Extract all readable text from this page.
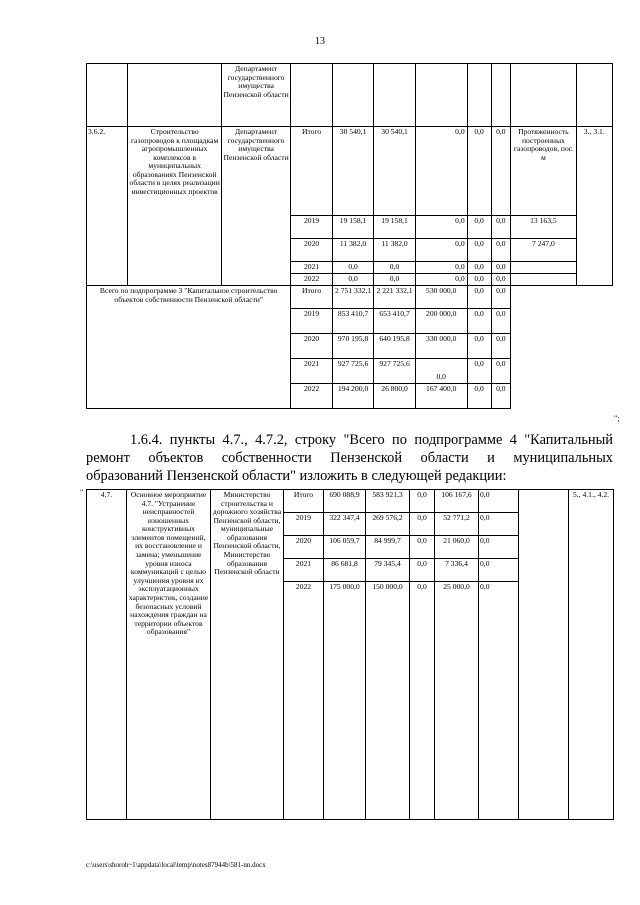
13
		Департамент государственного имущества Пензенской области								
3.6.2.	Строительство газопроводов к площадкам агропромышленных комплексов в муниципальных образованиях Пензенской области в целях реализации инвестиционных проектов	Департамент государственного имущества Пензенской области	Итого	30 540,1	30 540,1	0,0	0,0	0,0	Протяженность построенных газопроводов, пог. м	3., 3.1.
			2019	19 158,1	19 158,1	0,0	0,0	0,0	13 163,5	
			2020	11 382,0	11 382,0	0,0	0,0	0,0	7 247,0	
			2021	0,0	0,0	0,0	0,0	0,0		
			2022	0,0	0,0	0,0	0,0	0,0		
Всего по подпрограмме 3 "Капитальное строительство объектов собственности Пензенской области"			Итого	2 751 332,1	2 221 332,1	530 000,0	0,0	0,0		
			2019	853 410,7	653 410,7	200 000,0	0,0	0,0		
			2020	970 195,8	640 195,8	330 000,0	0,0	0,0		
			2021	927 725,6	927 725,6	0,0	0,0	0,0		
			2022	194 200,0	26 800,0	167 400,0	0,0	0,0		
";
1.6.4. пункты 4.7., 4.7.2, строку "Всего по подпрограмме 4 "Капитальный
ремонт объектов собственности Пензенской области и муниципальных
образований Пензенской области" изложить в следующей редакции:
" 4.7.	Основное мероприятие 4.7. "Устранение неисправностей изношенных конструктивных элементов помещений, их восстановление и замена; уменьшение уровня износа коммуникаций с целью улучшения уровня их эксплуатационных характеристик, создание безопасных условий нахождения граждан на территории объектов образования"	Министерство строительства и дорожного хозяйства Пензенской области, муниципальные образования Пензенской области, Министерство образования Пензенской области	Итого	690 088,9	583 921,3	0,0	106 167,6	0,0		5., 4.1., 4.2.
			2019	322 347,4	269 576,2	0,0	52 771,2	0,0		
			2020	106 059,7	84 999,7	0,0	21 060,0	0,0		
			2021	86 681,8	79 345,4	0,0	7 336,4	0,0		
			2022	175 000,0	150 000,0	0,0	25 000,0	0,0		
c:\users\shoroh~1\appdata\local\temp\notes87944b\581-nn.docx
